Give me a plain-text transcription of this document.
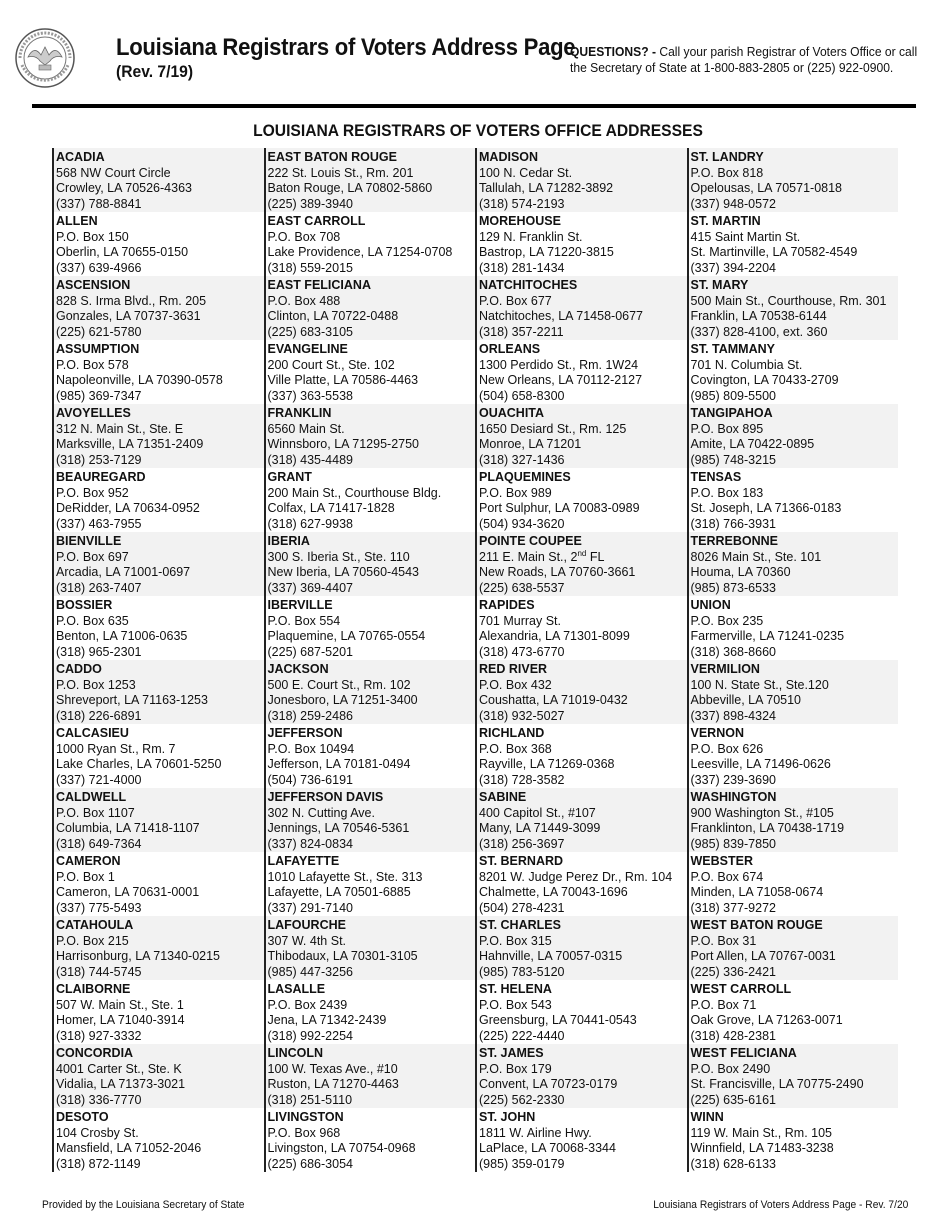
Louisiana Registrars of Voters Address Page
(Rev. 7/19)
QUESTIONS? - Call your parish Registrar of Voters Office or call the Secretary of State at 1-800-883-2805 or (225) 922-0900.
LOUISIANA REGISTRARS OF VOTERS OFFICE ADDRESSES
ACADIA
568 NW Court Circle
Crowley, LA 70526-4363
(337) 788-8841
ALLEN
P.O. Box 150
Oberlin, LA 70655-0150
(337) 639-4966
ASCENSION
828 S. Irma Blvd., Rm. 205
Gonzales, LA 70737-3631
(225) 621-5780
ASSUMPTION
P.O. Box 578
Napoleonville, LA 70390-0578
(985) 369-7347
AVOYELLES
312 N. Main St., Ste. E
Marksville, LA 71351-2409
(318) 253-7129
BEAUREGARD
P.O. Box 952
DeRidder, LA 70634-0952
(337) 463-7955
BIENVILLE
P.O. Box 697
Arcadia, LA 71001-0697
(318) 263-7407
BOSSIER
P.O. Box 635
Benton, LA 71006-0635
(318) 965-2301
CADDO
P.O. Box 1253
Shreveport, LA 71163-1253
(318) 226-6891
CALCASIEU
1000 Ryan St., Rm. 7
Lake Charles, LA 70601-5250
(337) 721-4000
CALDWELL
P.O. Box 1107
Columbia, LA 71418-1107
(318) 649-7364
CAMERON
P.O. Box 1
Cameron, LA 70631-0001
(337) 775-5493
CATAHOULA
P.O. Box 215
Harrisonburg, LA 71340-0215
(318) 744-5745
CLAIBORNE
507 W. Main St., Ste. 1
Homer, LA 71040-3914
(318) 927-3332
CONCORDIA
4001 Carter St., Ste. K
Vidalia, LA 71373-3021
(318) 336-7770
DESOTO
104 Crosby St.
Mansfield, LA 71052-2046
(318) 872-1149
EAST BATON ROUGE
222 St. Louis St., Rm. 201
Baton Rouge, LA 70802-5860
(225) 389-3940
EAST CARROLL
P.O. Box 708
Lake Providence, LA 71254-0708
(318) 559-2015
EAST FELICIANA
P.O. Box 488
Clinton, LA 70722-0488
(225) 683-3105
EVANGELINE
200 Court St., Ste. 102
Ville Platte, LA 70586-4463
(337) 363-5538
FRANKLIN
6560 Main St.
Winnsboro, LA 71295-2750
(318) 435-4489
GRANT
200 Main St., Courthouse Bldg.
Colfax, LA 71417-1828
(318) 627-9938
IBERIA
300 S. Iberia St., Ste. 110
New Iberia, LA 70560-4543
(337) 369-4407
IBERVILLE
P.O. Box 554
Plaquemine, LA 70765-0554
(225) 687-5201
JACKSON
500 E. Court St., Rm. 102
Jonesboro, LA 71251-3400
(318) 259-2486
JEFFERSON
P.O. Box 10494
Jefferson, LA 70181-0494
(504) 736-6191
JEFFERSON DAVIS
302 N. Cutting Ave.
Jennings, LA 70546-5361
(337) 824-0834
LAFAYETTE
1010 Lafayette St., Ste. 313
Lafayette, LA 70501-6885
(337) 291-7140
LAFOURCHE
307 W. 4th St.
Thibodaux, LA 70301-3105
(985) 447-3256
LASALLE
P.O. Box 2439
Jena, LA 71342-2439
(318) 992-2254
LINCOLN
100 W. Texas Ave., #10
Ruston, LA 71270-4463
(318) 251-5110
LIVINGSTON
P.O. Box 968
Livingston, LA 70754-0968
(225) 686-3054
MADISON
100 N. Cedar St.
Tallulah, LA 71282-3892
(318) 574-2193
MOREHOUSE
129 N. Franklin St.
Bastrop, LA 71220-3815
(318) 281-1434
NATCHITOCHES
P.O. Box 677
Natchitoches, LA 71458-0677
(318) 357-2211
ORLEANS
1300 Perdido St., Rm. 1W24
New Orleans, LA 70112-2127
(504) 658-8300
OUACHITA
1650 Desiard St., Rm. 125
Monroe, LA 71201
(318) 327-1436
PLAQUEMINES
P.O. Box 989
Port Sulphur, LA 70083-0989
(504) 934-3620
POINTE COUPEE
211 E. Main St., 2nd FL
New Roads, LA 70760-3661
(225) 638-5537
RAPIDES
701 Murray St.
Alexandria, LA 71301-8099
(318) 473-6770
RED RIVER
P.O. Box 432
Coushatta, LA 71019-0432
(318) 932-5027
RICHLAND
P.O. Box 368
Rayville, LA 71269-0368
(318) 728-3582
SABINE
400 Capitol St., #107
Many, LA 71449-3099
(318) 256-3697
ST. BERNARD
8201 W. Judge Perez Dr., Rm. 104
Chalmette, LA 70043-1696
(504) 278-4231
ST. CHARLES
P.O. Box 315
Hahnville, LA 70057-0315
(985) 783-5120
ST. HELENA
P.O. Box 543
Greensburg, LA 70441-0543
(225) 222-4440
ST. JAMES
P.O. Box 179
Convent, LA 70723-0179
(225) 562-2330
ST. JOHN
1811 W. Airline Hwy.
LaPlace, LA 70068-3344
(985) 359-0179
ST. LANDRY
P.O. Box 818
Opelousas, LA 70571-0818
(337) 948-0572
ST. MARTIN
415 Saint Martin St.
St. Martinville, LA 70582-4549
(337) 394-2204
ST. MARY
500 Main St., Courthouse, Rm. 301
Franklin, LA 70538-6144
(337) 828-4100, ext. 360
ST. TAMMANY
701 N. Columbia St.
Covington, LA 70433-2709
(985) 809-5500
TANGIPAHOA
P.O. Box 895
Amite, LA 70422-0895
(985) 748-3215
TENSAS
P.O. Box 183
St. Joseph, LA 71366-0183
(318) 766-3931
TERREBONNE
8026 Main St., Ste. 101
Houma, LA 70360
(985) 873-6533
UNION
P.O. Box 235
Farmerville, LA 71241-0235
(318) 368-8660
VERMILION
100 N. State St., Ste.120
Abbeville, LA 70510
(337) 898-4324
VERNON
P.O. Box 626
Leesville, LA 71496-0626
(337) 239-3690
WASHINGTON
900 Washington St., #105
Franklinton, LA 70438-1719
(985) 839-7850
WEBSTER
P.O. Box 674
Minden, LA 71058-0674
(318) 377-9272
WEST BATON ROUGE
P.O. Box 31
Port Allen, LA 70767-0031
(225) 336-2421
WEST CARROLL
P.O. Box 71
Oak Grove, LA 71263-0071
(318) 428-2381
WEST FELICIANA
P.O. Box 2490
St. Francisville, LA 70775-2490
(225) 635-6161
WINN
119 W. Main St., Rm. 105
Winnfield, LA 71483-3238
(318) 628-6133
Provided by the Louisiana Secretary of State	Louisiana Registrars of Voters Address Page - Rev. 7/20
